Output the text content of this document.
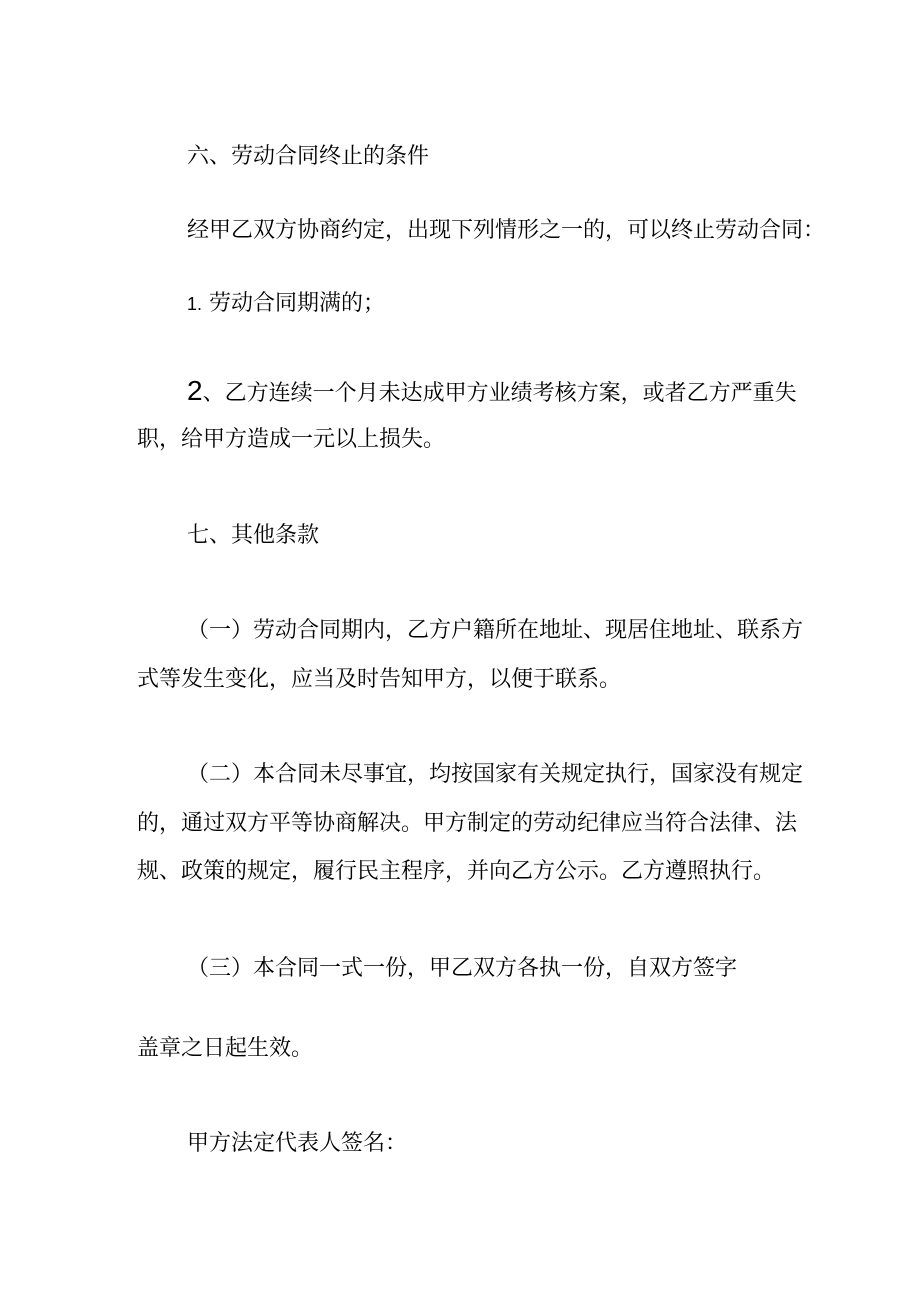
六、劳动合同终止的条件
经甲乙双方协商约定，出现下列情形之一的，可以终止劳动合同：
1. 劳动合同期满的；
2、乙方连续一个月未达成甲方业绩考核方案，或者乙方严重失
职，给甲方造成一元以上损失。
七、其他条款
（一）劳动合同期内，乙方户籍所在地址、现居住地址、联系方
式等发生变化，应当及时告知甲方，以便于联系。
（二）本合同未尽事宜，均按国家有关规定执行，国家没有规定
的，通过双方平等协商解决。甲方制定的劳动纪律应当符合法律、法
规、政策的规定，履行民主程序，并向乙方公示。乙方遵照执行。
（三）本合同一式一份，甲乙双方各执一份，自双方签字
盖章之日起生效。
甲方法定代表人签名：
